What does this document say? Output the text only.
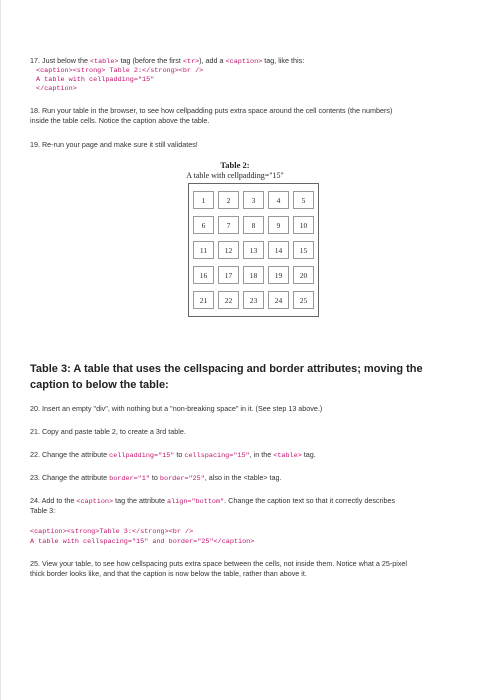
17. Just below the <table> tag (before the first <tr>), add a <caption> tag, like this:
<caption><strong> Table 2:</strong><br />
A table with cellpadding="15"
</caption>
18. Run your table in the browser, to see how cellpadding puts extra space around the cell contents (the numbers)
inside the table cells. Notice the caption above the table.
19. Re-run your page and make sure it still validates!
Table 2:
A table with cellpadding="15"
1	2	3	4	5
6	7	8	9	10
11	12	13	14	15
16	17	18	19	20
21	22	23	24	25
Table 3: A table that uses the cellspacing and border attributes; moving the
caption to below the table:
20. Insert an empty "div", with nothing but a "non-breaking space" in it. (See step 13 above.)
21. Copy and paste table 2, to create a 3rd table.
22. Change the attribute cellpadding="15" to cellspacing="15", in the <table> tag.
23. Change the attribute border="1" to border="25", also in the <table> tag.
24. Add to the <caption> tag the attribute align="bottom". Change the caption text so that it correctly describes
Table 3:
<caption><strong>Table 3:</strong><br />
A table with cellspacing="15" and border="25"</caption>
25. View your table, to see how cellspacing puts extra space between the cells, not inside them. Notice what a 25-pixel
thick border looks like, and that the caption is now below the table, rather than above it.
